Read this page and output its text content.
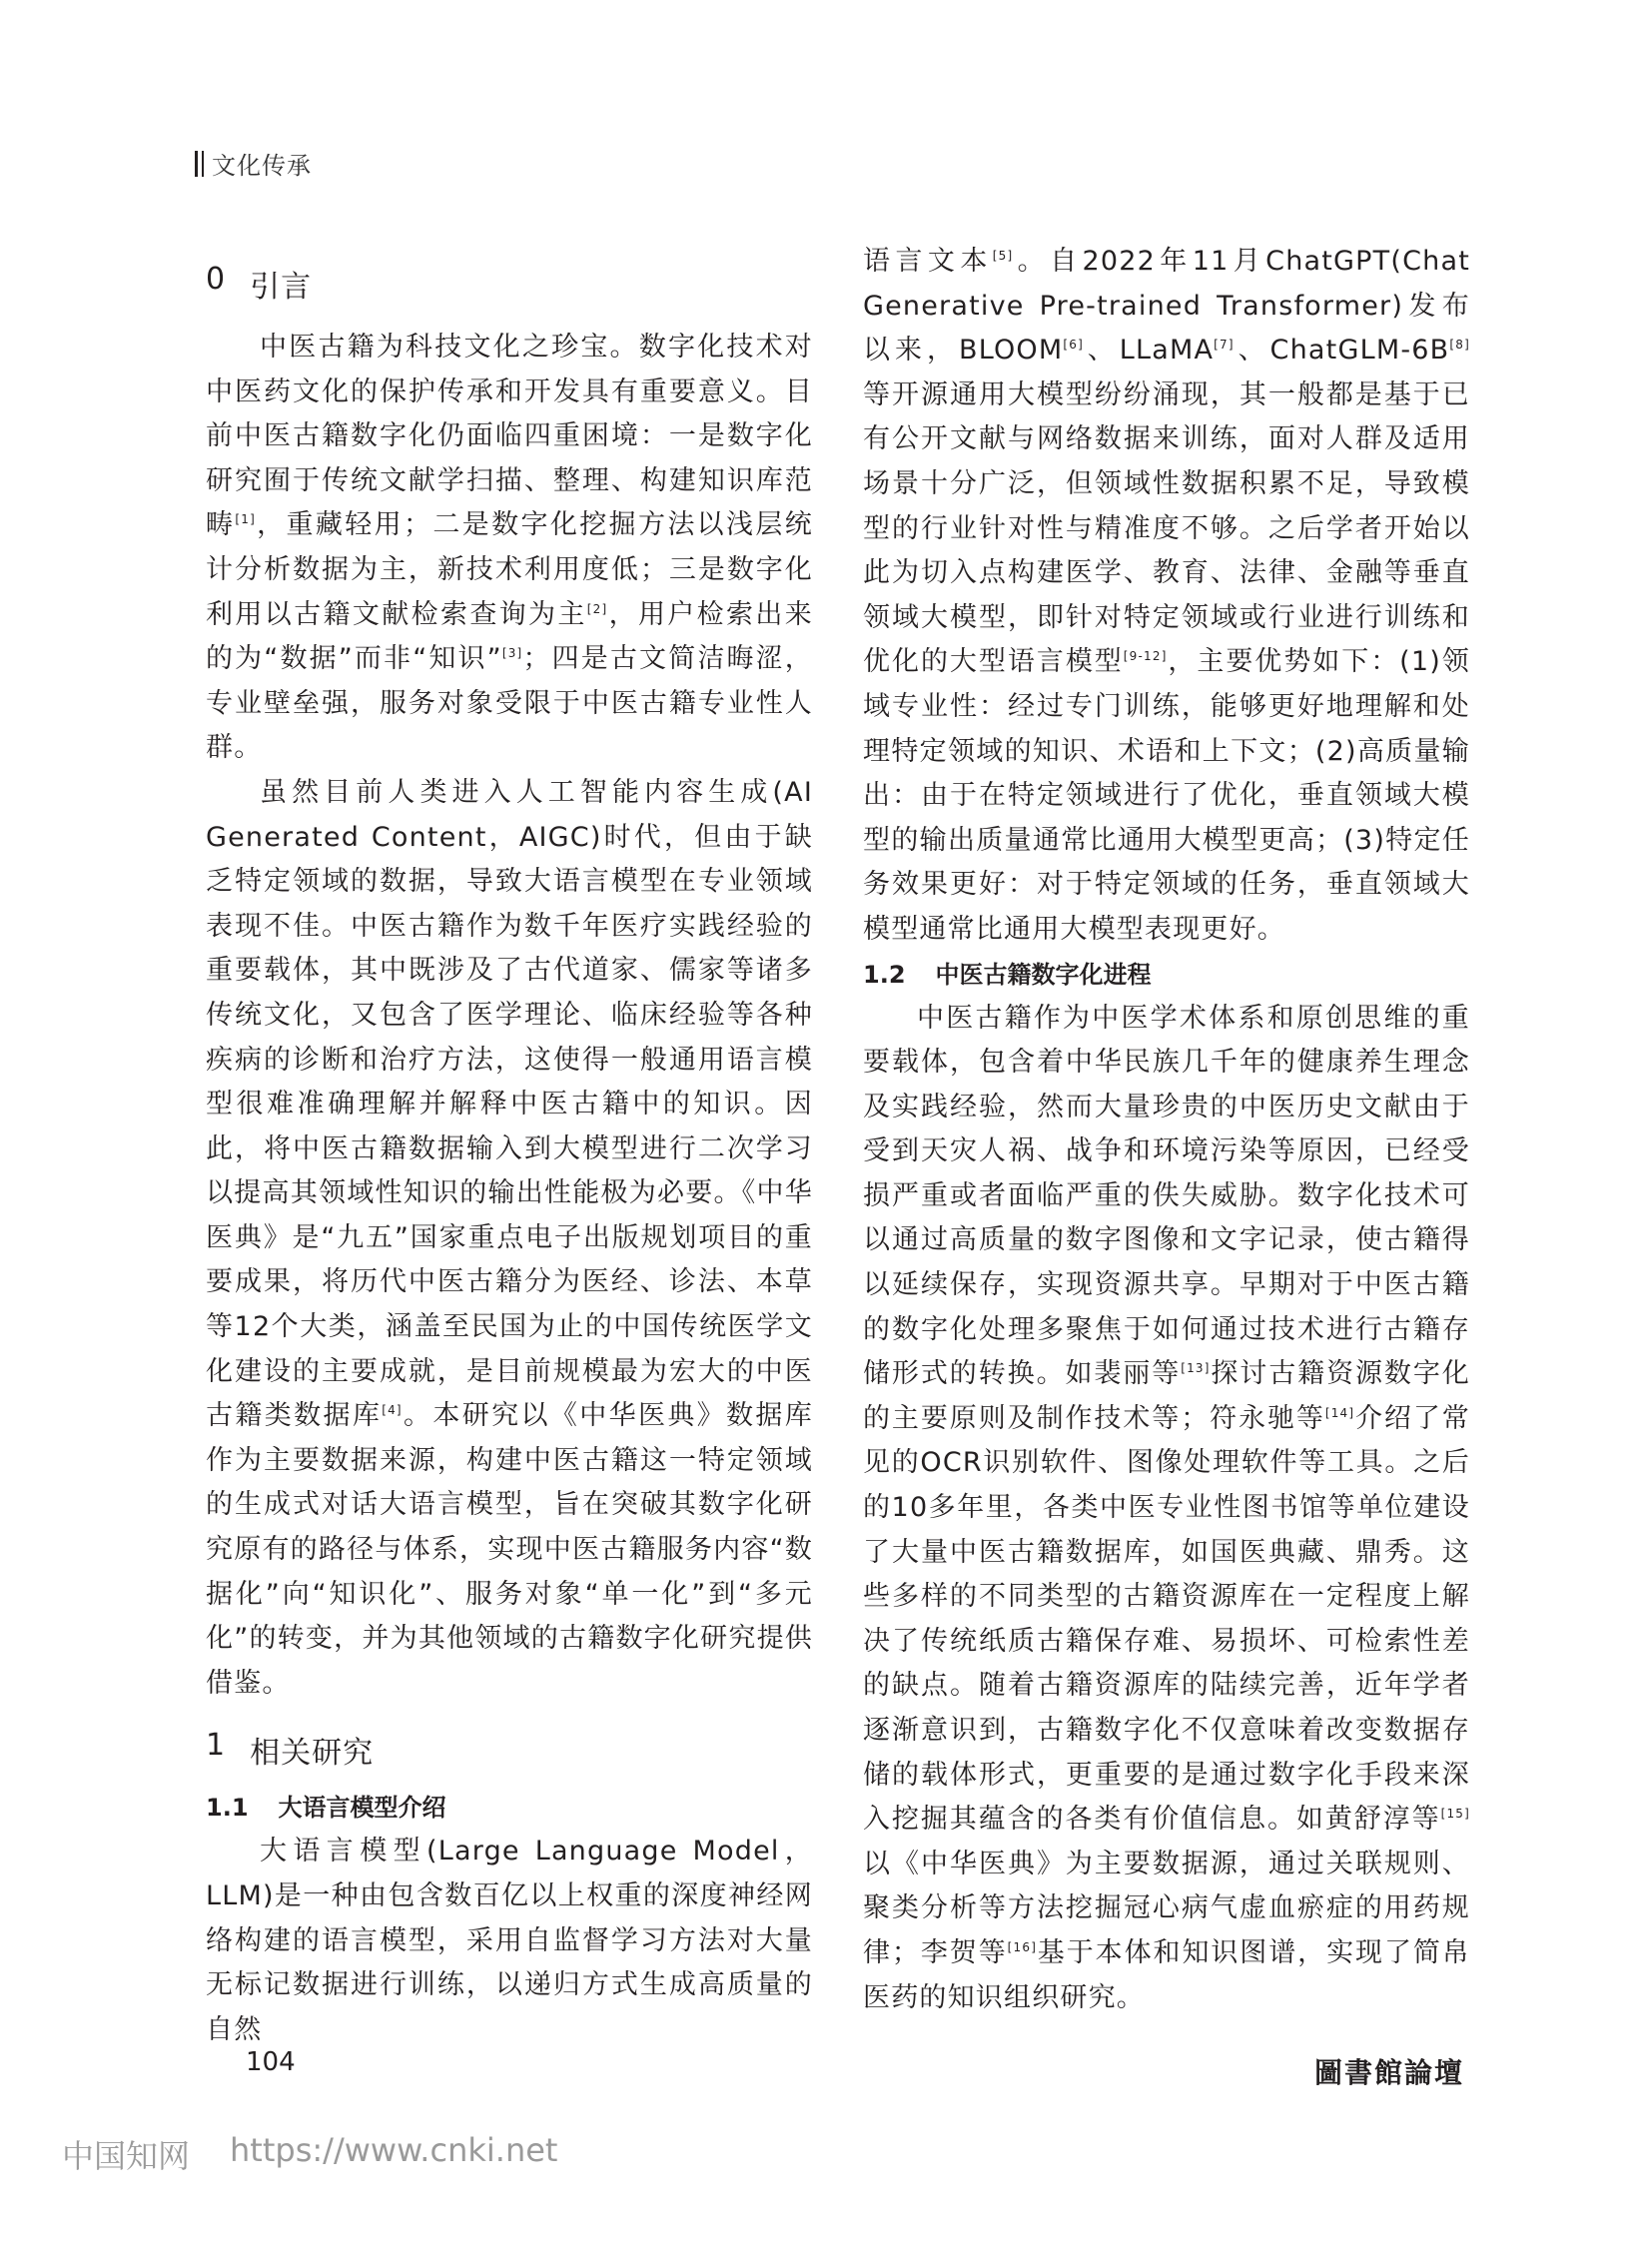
文化传承
0 引言

中医古籍为科技文化之珍宝。数字化技术对中医药文化的保护传承和开发具有重要意义。目前中医古籍数字化仍面临四重困境：一是数字化研究囿于传统文献学扫描、整理、构建知识库范畴[1]，重藏轻用；二是数字化挖掘方法以浅层统计分析数据为主，新技术利用度低；三是数字化利用以古籍文献检索查询为主[2]，用户检索出来的为“数据”而非“知识”[3]；四是古文简洁晦涩，专业壁垒强，服务对象受限于中医古籍专业性人群。

虽然目前人类进入人工智能内容生成(AI Generated Content，AIGC)时代，但由于缺乏特定领域的数据，导致大语言模型在专业领域表现不佳。中医古籍作为数千年医疗实践经验的重要载体，其中既涉及了古代道家、儒家等诸多传统文化，又包含了医学理论、临床经验等各种疾病的诊断和治疗方法，这使得一般通用语言模型很难准确理解并解释中医古籍中的知识。因此，将中医古籍数据输入到大模型进行二次学习以提高其领域性知识的输出性能极为必要。《中华医典》是“九五”国家重点电子出版规划项目的重要成果，将历代中医古籍分为医经、诊法、本草等12个大类，涵盖至民国为止的中国传统医学文化建设的主要成就，是目前规模最为宏大的中医古籍类数据库[4]。本研究以《中华医典》数据库作为主要数据来源，构建中医古籍这一特定领域的生成式对话大语言模型，旨在突破其数字化研究原有的路径与体系，实现中医古籍服务内容“数据化”向“知识化”、服务对象“单一化”到“多元化”的转变，并为其他领域的古籍数字化研究提供借鉴。

1 相关研究
1.1 大语言模型介绍

大语言模型(Large Language Model，LLM)是一种由包含数百亿以上权重的深度神经网络构建的语言模型，采用自监督学习方法对大量无标记数据进行训练，以递归方式生成高质量的自然

语言文本[5]。自2022年11月ChatGPT(Chat Generative Pre-trained Transformer)发布以来，BLOOM[6]、LLaMA[7]、ChatGLM-6B[8]等开源通用大模型纷纷涌现，其一般都是基于已有公开文献与网络数据来训练，面对人群及适用场景十分广泛，但领域性数据积累不足，导致模型的行业针对性与精准度不够。之后学者开始以此为切入点构建医学、教育、法律、金融等垂直领域大模型，即针对特定领域或行业进行训练和优化的大型语言模型[9-12]，主要优势如下：(1)领域专业性：经过专门训练，能够更好地理解和处理特定领域的知识、术语和上下文；(2)高质量输出：由于在特定领域进行了优化，垂直领域大模型的输出质量通常比通用大模型更高；(3)特定任务效果更好：对于特定领域的任务，垂直领域大模型通常比通用大模型表现更好。

1.2 中医古籍数字化进程

中医古籍作为中医学术体系和原创思维的重要载体，包含着中华民族几千年的健康养生理念及实践经验，然而大量珍贵的中医历史文献由于受到天灾人祸、战争和环境污染等原因，已经受损严重或者面临严重的佚失威胁。数字化技术可以通过高质量的数字图像和文字记录，使古籍得以延续保存，实现资源共享。早期对于中医古籍的数字化处理多聚焦于如何通过技术进行古籍存储形式的转换。如裴丽等[13]探讨古籍资源数字化的主要原则及制作技术等；符永驰等[14]介绍了常见的OCR识别软件、图像处理软件等工具。之后的10多年里，各类中医专业性图书馆等单位建设了大量中医古籍数据库，如国医典藏、鼎秀。这些多样的不同类型的古籍资源库在一定程度上解决了传统纸质古籍保存难、易损坏、可检索性差的缺点。随着古籍资源库的陆续完善，近年学者逐渐意识到，古籍数字化不仅意味着改变数据存储的载体形式，更重要的是通过数字化手段来深入挖掘其蕴含的各类有价值信息。如黄舒淳等[15]以《中华医典》为主要数据源，通过关联规则、聚类分析等方法挖掘冠心病气虚血瘀症的用药规律；李贺等[16]基于本体和知识图谱，实现了简帛医药的知识组织研究。

104	圖書館論壇
中国知网 https://www.cnki.net
